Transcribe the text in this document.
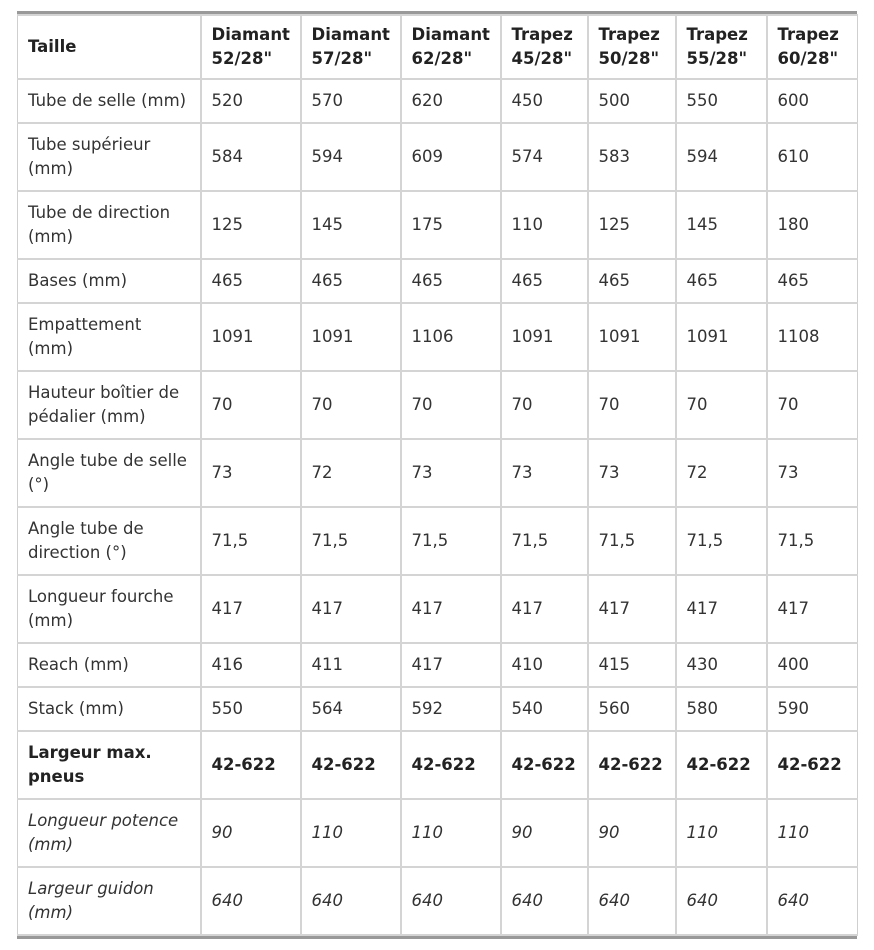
Taille	Diamant 52/28"	Diamant 57/28"	Diamant 62/28"	Trapez 45/28"	Trapez 50/28"	Trapez 55/28"	Trapez 60/28"
Tube de selle (mm)	520	570	620	450	500	550	600
Tube supérieur (mm)	584	594	609	574	583	594	610
Tube de direction (mm)	125	145	175	110	125	145	180
Bases (mm)	465	465	465	465	465	465	465
Empattement (mm)	1091	1091	1106	1091	1091	1091	1108
Hauteur boîtier de pédalier (mm)	70	70	70	70	70	70	70
Angle tube de selle (°)	73	72	73	73	73	72	73
Angle tube de direction (°)	71,5	71,5	71,5	71,5	71,5	71,5	71,5
Longueur fourche (mm)	417	417	417	417	417	417	417
Reach (mm)	416	411	417	410	415	430	400
Stack (mm)	550	564	592	540	560	580	590
Largeur max. pneus	42-622	42-622	42-622	42-622	42-622	42-622	42-622
Longueur potence (mm)	90	110	110	90	90	110	110
Largeur guidon (mm)	640	640	640	640	640	640	640
